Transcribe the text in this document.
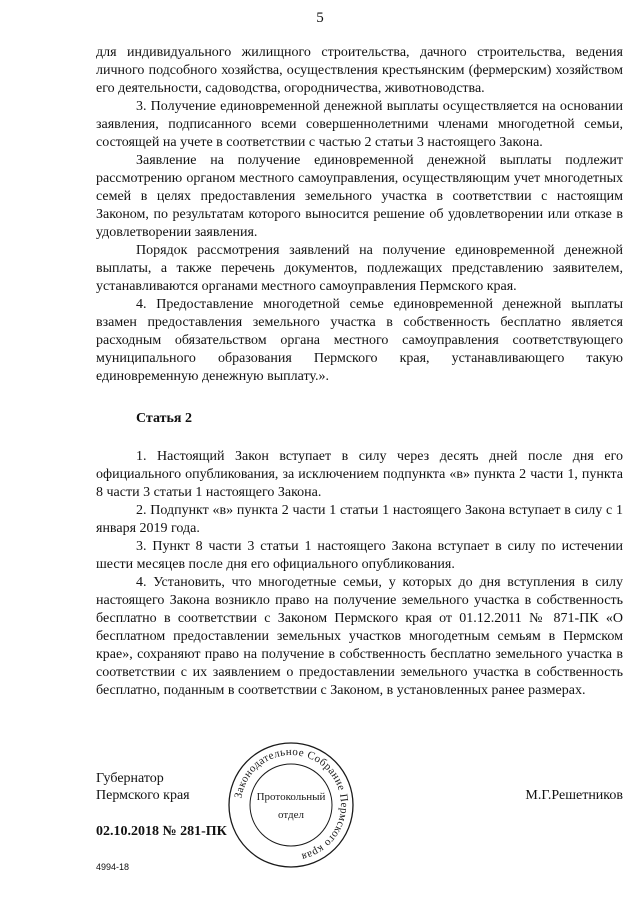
5

для индивидуального жилищного строительства, дачного строительства, ведения личного подсобного хозяйства, осуществления крестьянским (фермерским) хозяйством его деятельности, садоводства, огородничества, животноводства.

3. Получение единовременной денежной выплаты осуществляется на основании заявления, подписанного всеми совершеннолетними членами многодетной семьи, состоящей на учете в соответствии с частью 2 статьи 3 настоящего Закона.

Заявление на получение единовременной денежной выплаты подлежит рассмотрению органом местного самоуправления, осуществляющим учет многодетных семей в целях предоставления земельного участка в соответствии с настоящим Законом, по результатам которого выносится решение об удовлетворении или отказе в удовлетворении заявления.

Порядок рассмотрения заявлений на получение единовременной денежной выплаты, а также перечень документов, подлежащих представлению заявителем, устанавливаются органами местного самоуправления Пермского края.

4. Предоставление многодетной семье единовременной денежной выплаты взамен предоставления земельного участка в собственность бесплатно является расходным обязательством органа местного самоуправления соответствующего муниципального образования Пермского края, устанавливающего такую единовременную денежную выплату.».

Статья 2

1. Настоящий Закон вступает в силу через десять дней после дня его официального опубликования, за исключением подпункта «в» пункта 2 части 1, пункта 8 части 3 статьи 1 настоящего Закона.

2. Подпункт «в» пункта 2 части 1 статьи 1 настоящего Закона вступает в силу с 1 января 2019 года.

3. Пункт 8 части 3 статьи 1 настоящего Закона вступает в силу по истечении шести месяцев после дня его официального опубликования.

4. Установить, что многодетные семьи, у которых до дня вступления в силу настоящего Закона возникло право на получение земельного участка в собственность бесплатно в соответствии с Законом Пермского края от 01.12.2011 № 871-ПК «О бесплатном предоставлении земельных участков многодетным семьям в Пермском крае», сохраняют право на получение в собственность бесплатно земельного участка в соответствии с их заявлением о предоставлении земельного участка в собственность бесплатно, поданным в соответствии с Законом, в установленных ранее размерах.

Губернатор
Пермского края	М.Г.Решетников
02.10.2018 № 281-ПК
4994-18
Законодательное Собрание Пермского края
Протокольный
отдел
